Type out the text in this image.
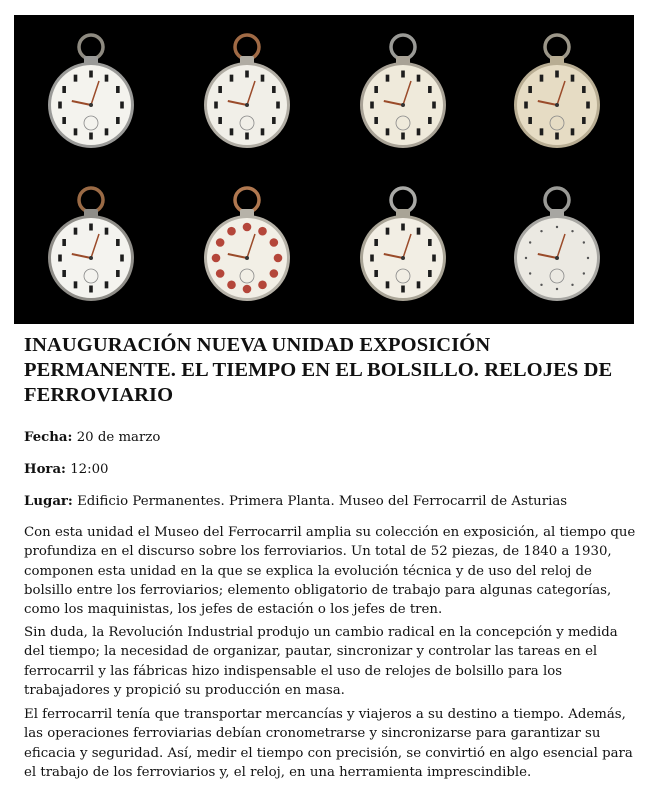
INAUGURACIÓN NUEVA UNIDAD EXPOSICIÓN PERMANENTE. EL TIEMPO EN EL BOLSILLO. RELOJES DE FERROVIARIO

Fecha: 20 de marzo

Hora: 12:00

Lugar: Edificio Permanentes. Primera Planta. Museo del Ferrocarril de Asturias

Con esta unidad el Museo del Ferrocarril amplia su colección en exposición, al tiempo que profundiza en el discurso sobre los ferroviarios. Un total de 52 piezas, de 1840 a 1930, componen esta unidad en la que se explica la evolución técnica y de uso del reloj de bolsillo entre los ferroviarios; elemento obligatorio de trabajo para algunas categorías, como los maquinistas, los jefes de estación o los jefes de tren.

Sin duda, la Revolución Industrial produjo un cambio radical en la concepción y medida del tiempo; la necesidad de organizar, pautar, sincronizar y controlar las tareas en el ferrocarril y las fábricas hizo indispensable el uso de relojes de bolsillo para los trabajadores y propició su producción en masa.

El ferrocarril tenía que transportar mercancías y viajeros a su destino a tiempo. Además, las operaciones ferroviarias debían cronometrarse y sincronizarse para garantizar su eficacia y seguridad. Así, medir el tiempo con precisión, se convirtió en algo esencial para el trabajo de los ferroviarios y, el reloj, en una herramienta imprescindible.
